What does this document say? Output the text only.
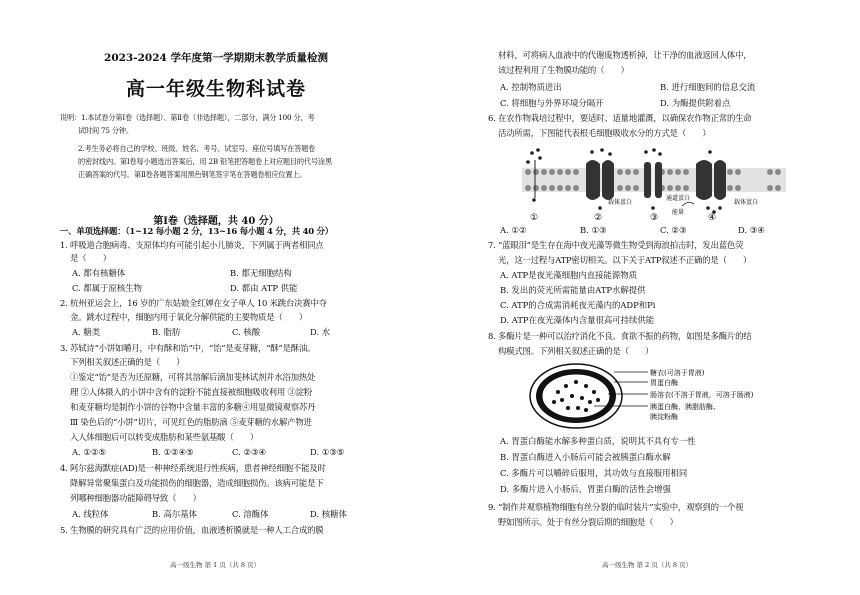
2023-2024 学年度第一学期期末教学质量检测
高一年级生物科试卷
说明：1.本试卷分第Ⅰ卷（选择题）、第Ⅱ卷（非选择题），二部分，满分 100 分，考
试时间 75 分钟。
2.考生务必将自己的学校、班级、姓名、考号、试室号、座位号填写在答题卷
的密封线内。第Ⅰ卷每小题选出答案后，用 2B 铅笔把答题卷上对应题目的代号涂黑
正确答案的代号。第Ⅱ卷各题答案用黑色钢笔签字笔在答题卷相应位置上。
第Ⅰ卷（选择题，共 40 分）
一、单项选择题：（1~12 每小题 2 分，13~16 每小题 4 分，共 40 分）
1. 呼吸道合胞病毒、支原体均有可能引起小儿肺炎，下列属于两者相同点
是（　　）
A. 都有核糖体	B. 都无细胞结构
C. 都属于原核生物	D. 都由 ATP 供能
2. 杭州亚运会上，16 岁的广东姑娘全红婵在女子单人 10 米跳台决赛中夺
金。跳水过程中，细胞内用于氧化分解供能的主要物质是（　　）
A. 糖类	B. 脂肪	C. 核酸	D. 水
3. 苏轼诗“小饼如嚼月，中有酥和饴”中，“饴”是麦芽糖，“酥”是酥油。
下列相关叙述正确的是（　　）
①鉴定“饴”是否为还原糖，可将其溶解后滴加斐林试剂并水浴加热处
理 ②人体摄入的小饼中含有的淀粉不能直接被细胞吸收利用 ③淀粉
和麦芽糖均是制作小饼的谷物中含量丰富的多糖④用显微镜观察苏丹
Ⅲ 染色后的“小饼”切片，可见红色的脂肪滴 ⑤麦芽糖的水解产物进
入人体细胞后可以转变成脂肪和某些氨基酸（　　）
A. ①②⑤	B. ①②④⑤	C. ②③④	D. ①③⑤
4. 阿尔兹海默症(AD)是一种神经系统退行性疾病，患者神经细胞不能及时
降解异常聚集蛋白及功能损伤的细胞器，造成细胞损伤。该病可能是下
列哪种细胞器功能障碍导致（　　）
A. 线粒体	B. 高尔基体	C. 溶酶体	D. 核糖体
5. 生物膜的研究具有广泛的应用价值，血液透析膜就是一种人工合成的膜
高一级生物 第 1 页（共 8 页）
材料，可将病人血液中的代谢废物透析掉，让干净的血液返回人体中，
该过程利用了生物膜功能的（　　）
A. 控制物质进出	B. 进行细胞间的信息交流
C. 将细胞与外界环境分隔开	D. 为酶提供附着点
6. 在农作物栽培过程中，要适时、适量地灌溉，以确保农作物正常的生命
活动所需，下图能代表根毛细胞吸收水分的方式是（　　）
载体蛋白
通道蛋白
能量
载体蛋白
①	②	③	④
A. ①②	B. ①③	C. ②③	D. ③④
7. “蓝眼泪”是生存在海中夜光藻等微生物受到海浪拍击时，发出蓝色荧
光，这一过程与ATP密切相关。以下关于ATP叙述不正确的是（　　）
A. ATP是夜光藻细胞内直接能源物质
B. 发出的荧光所需能量由ATP水解提供
C. ATP的合成需消耗夜光藻内的ADP和Pi
D. ATP在夜光藻体内含量很高可持续供能
8. 多酶片是一种可以治疗消化不良、食欲不振的药物，如图是多酶片的结
构模式图。下列相关叙述正确的是（　　）
糖衣(可溶于胃液)
胃蛋白酶
肠溶衣(不溶于胃液，可溶于肠液)
胰蛋白酶、胰脂肪酶、
胰淀粉酶
A. 胃蛋白酶能水解多种蛋白质，说明其不具有专一性
B. 胃蛋白酶进入小肠后可能会被胰蛋白酶水解
C. 多酶片可以嚼碎后服用，其功效与直接服用相同
D. 多酶片进入小肠后，胃蛋白酶的活性会增强
9. “制作并观察植物细胞有丝分裂的临时装片”实验中，观察到的一个视
野如图所示。处于有丝分裂后期的细胞是（　　）
高一级生物 第 2 页（共 8 页）
